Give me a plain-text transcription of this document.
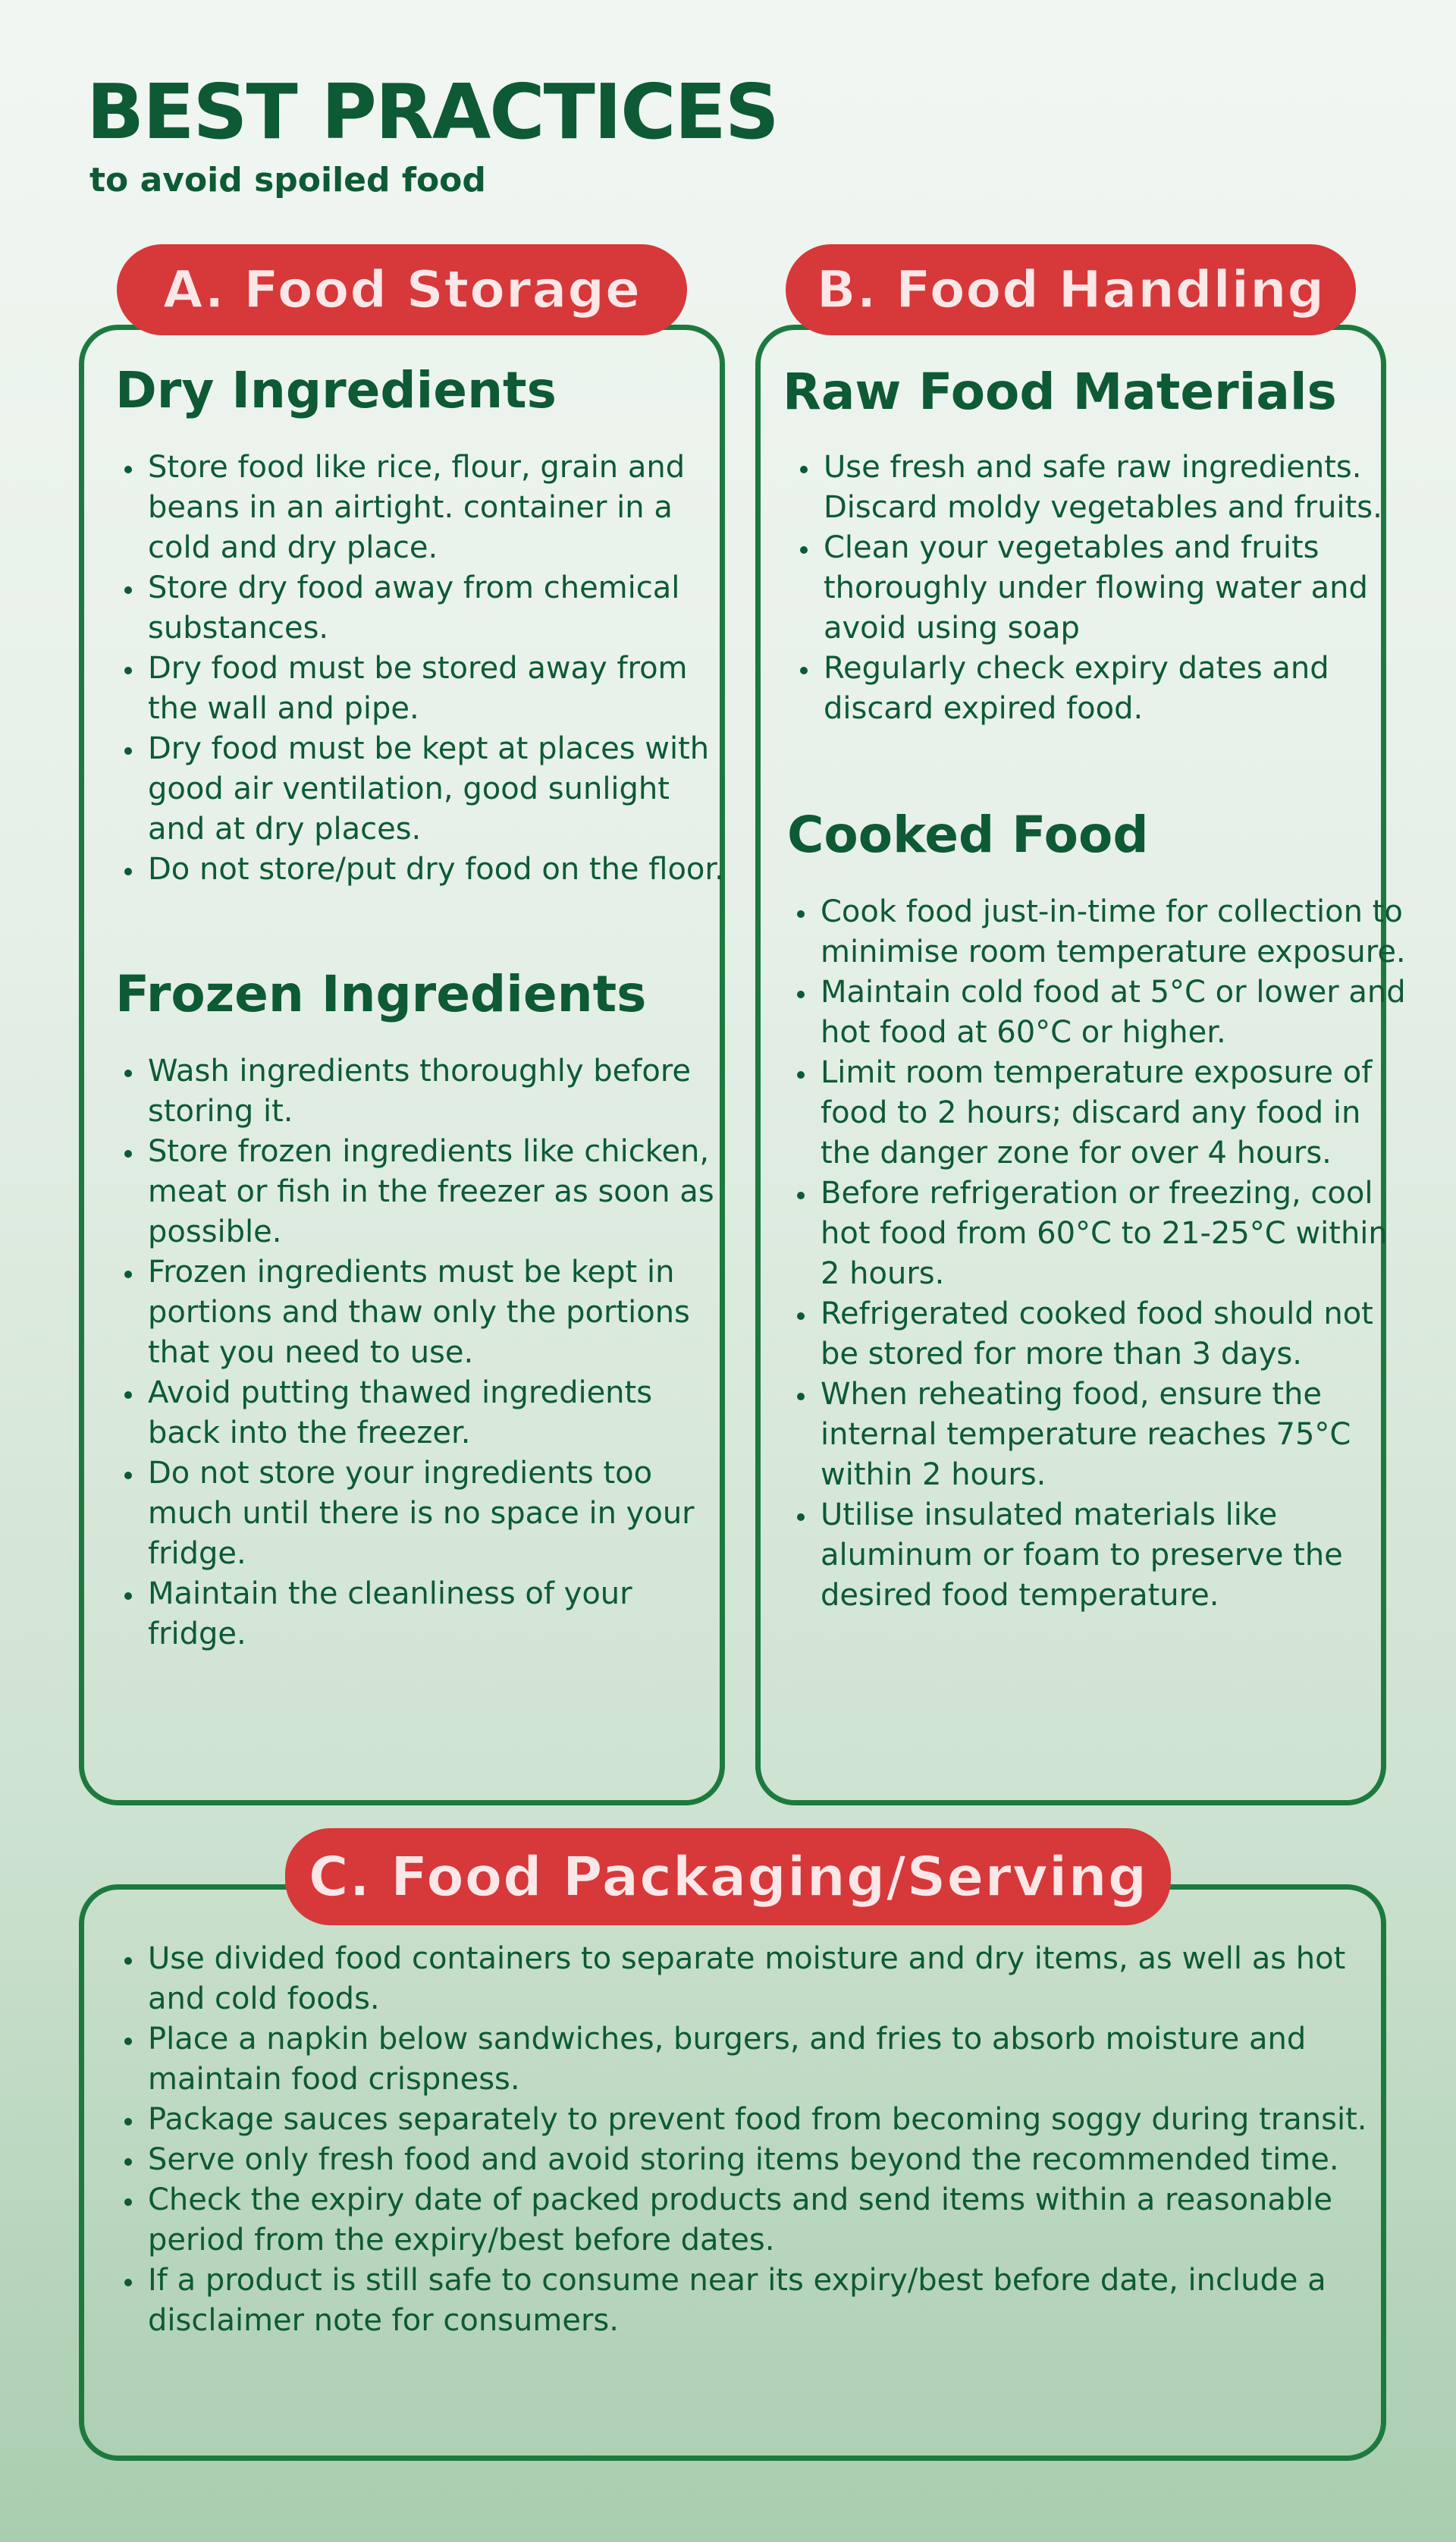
BEST PRACTICES

to avoid spoiled food

A. Food Storage
Dry Ingredients
• Store food like rice, flour, grain and beans in an airtight. container in a cold and dry place.
• Store dry food away from chemical substances.
• Dry food must be stored away from the wall and pipe.
• Dry food must be kept at places with good air ventilation, good sunlight and at dry places.
• Do not store/put dry food on the floor.
Frozen Ingredients
• Wash ingredients thoroughly before storing it.
• Store frozen ingredients like chicken, meat or fish in the freezer as soon as possible.
• Frozen ingredients must be kept in portions and thaw only the portions that you need to use.
• Avoid putting thawed ingredients back into the freezer.
• Do not store your ingredients too much until there is no space in your fridge.
• Maintain the cleanliness of your fridge.
B. Food Handling
Raw Food Materials
• Use fresh and safe raw ingredients. Discard moldy vegetables and fruits.
• Clean your vegetables and fruits thoroughly under flowing water and avoid using soap
• Regularly check expiry dates and discard expired food.
Cooked Food
• Cook food just-in-time for collection to minimise room temperature exposure.
• Maintain cold food at 5°C or lower and hot food at 60°C or higher.
• Limit room temperature exposure of food to 2 hours; discard any food in the danger zone for over 4 hours.
• Before refrigeration or freezing, cool hot food from 60°C to 21-25°C within 2 hours.
• Refrigerated cooked food should not be stored for more than 3 days.
• When reheating food, ensure the internal temperature reaches 75°C within 2 hours.
• Utilise insulated materials like aluminum or foam to preserve the desired food temperature.
C. Food Packaging/Serving
• Use divided food containers to separate moisture and dry items, as well as hot and cold foods.
• Place a napkin below sandwiches, burgers, and fries to absorb moisture and maintain food crispness.
• Package sauces separately to prevent food from becoming soggy during transit.
• Serve only fresh food and avoid storing items beyond the recommended time.
• Check the expiry date of packed products and send items within a reasonable period from the expiry/best before dates.
• If a product is still safe to consume near its expiry/best before date, include a disclaimer note for consumers.
